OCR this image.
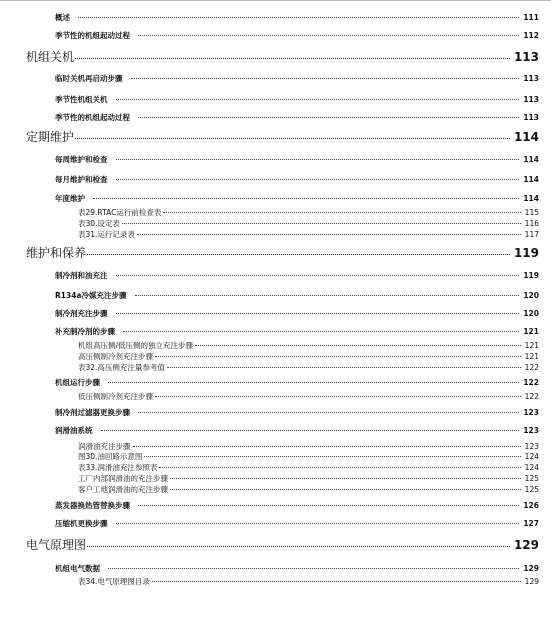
概述	111
季节性的机组起动过程	112
机组关机	113
临时关机再启动步骤	113
季节性机组关机	113
季节性的机组起动过程	113
定期维护	114
每周维护和检查	114
每月维护和检查	114
年度维护	114
表29.RTAC运行前检查表	115
表30.设定表	116
表31.运行记录表	117
维护和保养	119
制冷剂和油充注	119
R134a冷媒充注步骤	120
制冷剂充注步骤	120
补充制冷剂的步骤	121
机组高压侧/低压侧的独立充注步骤	121
高压侧制冷剂充注步骤	121
表32.高压侧充注量参考值	122
机组运行步骤	122
低压侧制冷剂充注步骤	122
制冷剂过滤器更换步骤	123
润滑油系统	123
润滑油充注步骤	123
图30.油回路示意图	124
表33.润滑油充注参照表	124
工厂内部润滑油的充注步骤	125
客户工地润滑油的充注步骤	125
蒸发器换热管替换步骤	126
压缩机更换步骤	127
电气原理图	129
机组电气数据	129
表34.电气原理图目录	129
